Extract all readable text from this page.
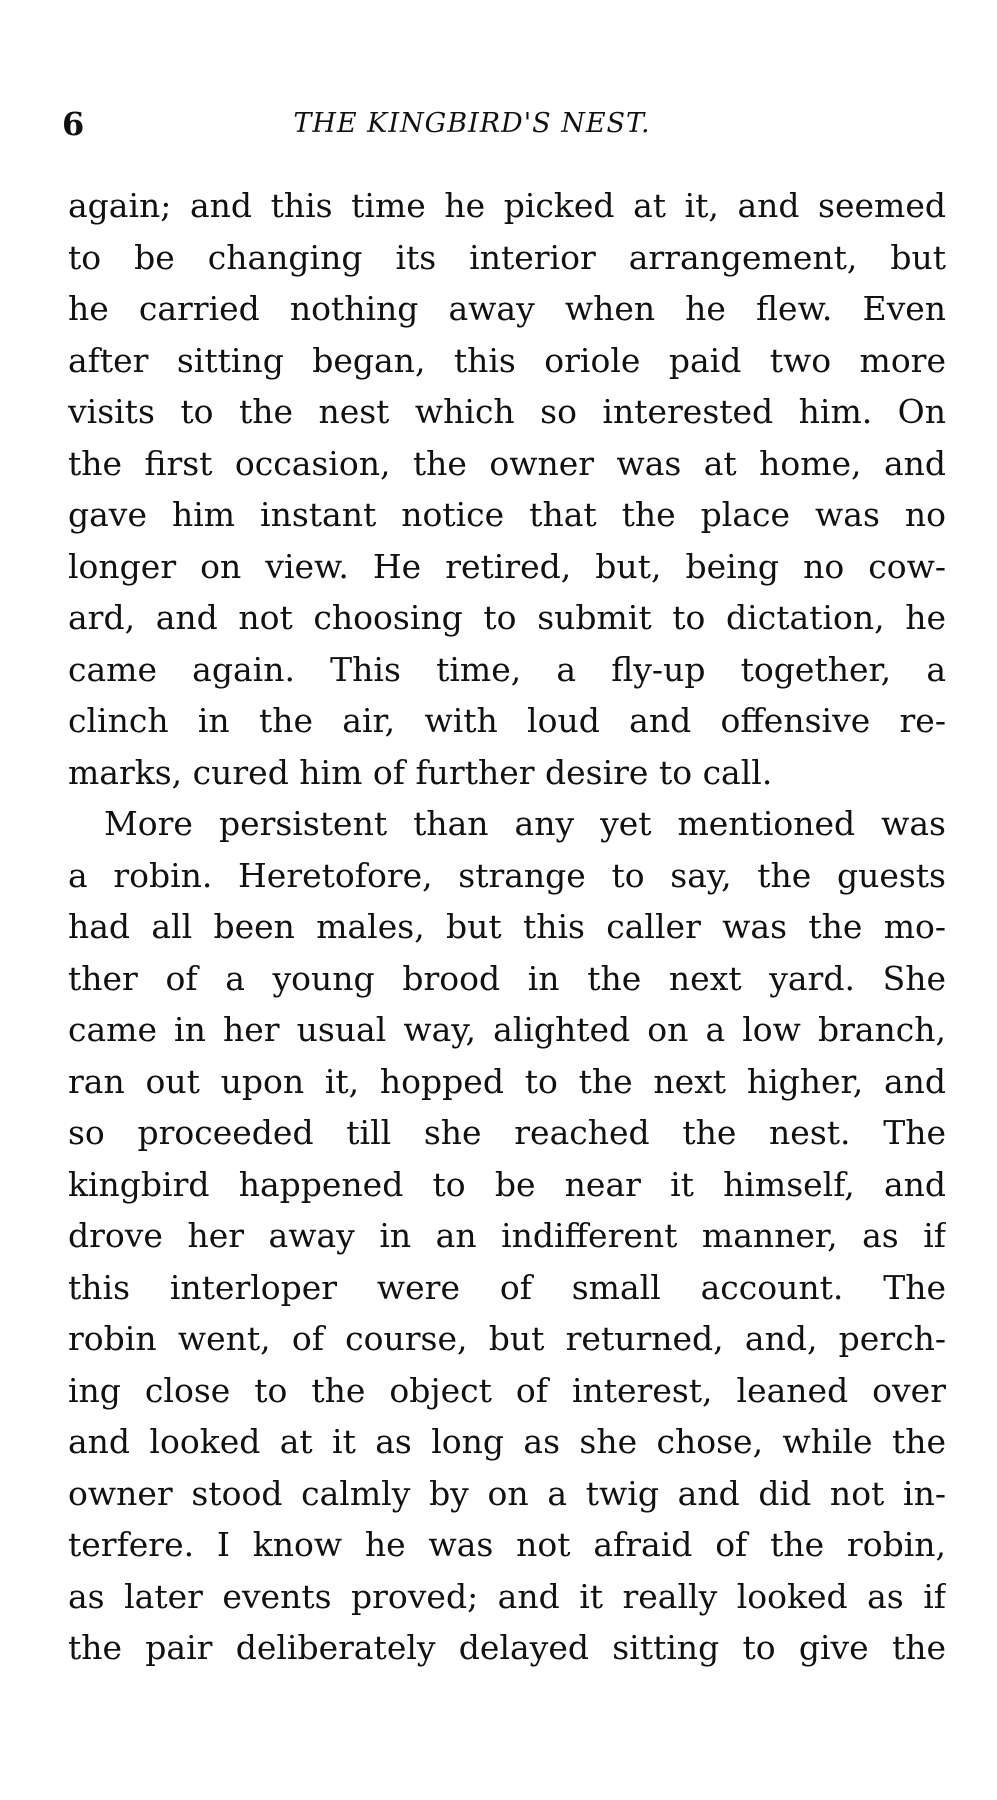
6	THE KINGBIRD'S NEST.
again; and this time he picked at it, and seemed
to be changing its interior arrangement, but
he carried nothing away when he flew. Even
after sitting began, this oriole paid two more
visits to the nest which so interested him. On
the first occasion, the owner was at home, and
gave him instant notice that the place was no
longer on view. He retired, but, being no cow-
ard, and not choosing to submit to dictation, he
came again. This time, a fly-up together, a
clinch in the air, with loud and offensive re-
marks, cured him of further desire to call.
More persistent than any yet mentioned was
a robin. Heretofore, strange to say, the guests
had all been males, but this caller was the mo-
ther of a young brood in the next yard. She
came in her usual way, alighted on a low branch,
ran out upon it, hopped to the next higher, and
so proceeded till she reached the nest. The
kingbird happened to be near it himself, and
drove her away in an indifferent manner, as if
this interloper were of small account. The
robin went, of course, but returned, and, perch-
ing close to the object of interest, leaned over
and looked at it as long as she chose, while the
owner stood calmly by on a twig and did not in-
terfere. I know he was not afraid of the robin,
as later events proved; and it really looked as if
the pair deliberately delayed sitting to give the
